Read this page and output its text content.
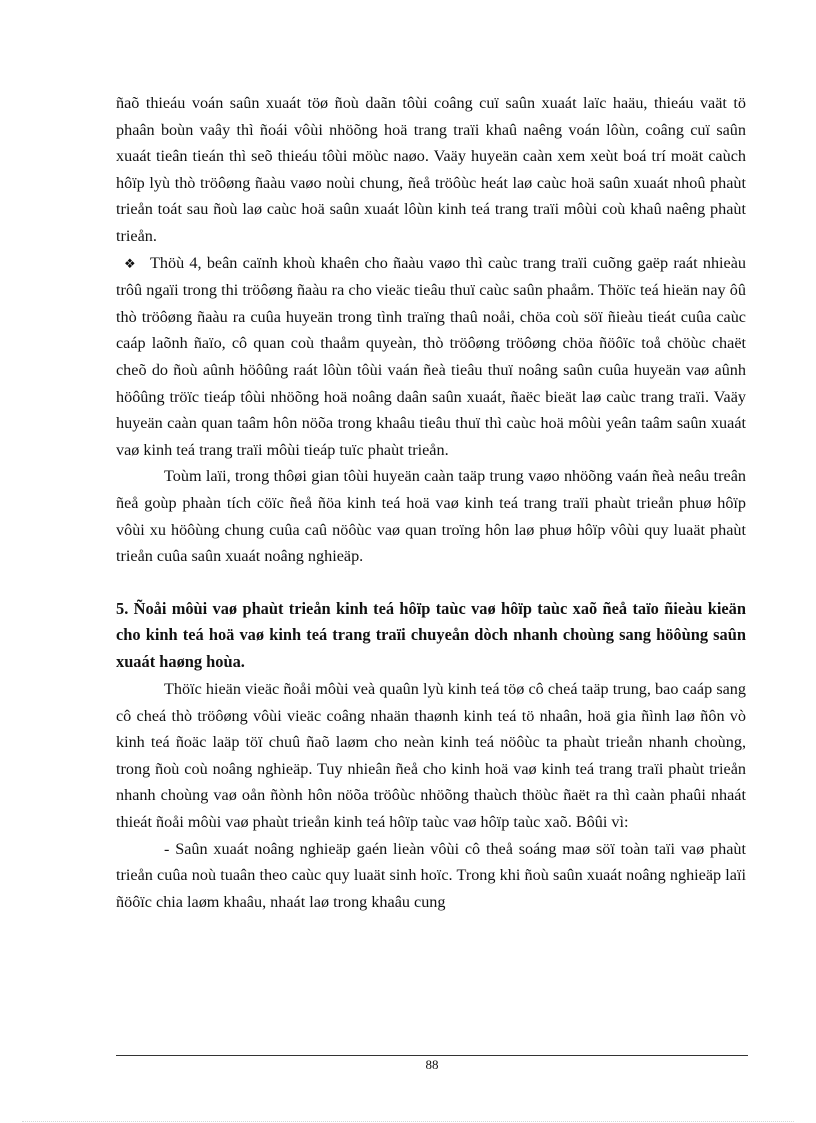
ñaõ thieáu voán saûn xuaát töø ñoù daãn tôùi coâng cuï saûn xuaát laïc haäu, thieáu vaät tö phaân boùn vaây thì ñoái vôùi nhöõng hoä trang traïi khaû naêng voán lôùn, coâng cuï saûn xuaát tieân tieán thì seõ thieáu tôùi möùc naøo. Vaäy huyeän caàn xem xeùt boá trí moät caùch hôïp lyù thò tröôøng ñaàu vaøo noùi chung, ñeå tröôùc heát laø caùc hoä saûn xuaát nhoû phaùt trieån toát sau ñoù laø caùc hoä saûn xuaát lôùn kinh teá trang traïi môùi coù khaû naêng phaùt trieån.

❖ Thöù 4, beân caïnh khoù khaên cho ñaàu vaøo thì caùc trang traïi cuõng gaëp raát nhieàu trôû ngaïi trong thi tröôøng ñaàu ra cho vieäc tieâu thuï caùc saûn phaåm. Thöïc teá hieän nay ôû thò tröôøng ñaàu ra cuûa huyeän trong tình traïng thaû noåi, chöa coù söï ñieàu tieát cuûa caùc caáp laõnh ñaïo, cô quan coù thaåm quyeàn, thò tröôøng tröôøng chöa ñöôïc toå chöùc chaët cheõ do ñoù aûnh höôûng raát lôùn tôùi vaán ñeà tieâu thuï noâng saûn cuûa huyeän vaø aûnh höôûng tröïc tieáp tôùi nhöõng hoä noâng daân saûn xuaát, ñaëc bieät laø caùc trang traïi. Vaäy huyeän caàn quan taâm hôn nöõa trong khaâu tieâu thuï thì caùc hoä môùi yeân taâm saûn xuaát vaø kinh teá trang traïi môùi tieáp tuïc phaùt trieån.

Toùm laïi, trong thôøi gian tôùi huyeän caàn taäp trung vaøo nhöõng vaán ñeà neâu treân ñeå goùp phaàn tích cöïc ñeå ñöa kinh teá hoä vaø kinh teá trang traïi phaùt trieån phuø hôïp vôùi xu höôùng chung cuûa caû nöôùc vaø quan troïng hôn laø phuø hôïp vôùi quy luaät phaùt trieån cuûa saûn xuaát noâng nghieäp.

5. Ñoåi môùi vaø phaùt trieån kinh teá hôïp taùc vaø hôïp taùc xaõ ñeå taïo ñieàu kieän cho kinh teá hoä vaø kinh teá trang traïi chuyeån dòch nhanh choùng sang höôùng saûn xuaát haøng hoùa.

Thöïc hieän vieäc ñoåi môùi veà quaûn lyù kinh teá töø cô cheá taäp trung, bao caáp sang cô cheá thò tröôøng vôùi vieäc coâng nhaän thaønh kinh teá tö nhaân, hoä gia ñình laø ñôn vò kinh teá ñoäc laäp töï chuû ñaõ laøm cho neàn kinh teá nöôùc ta phaùt trieån nhanh choùng, trong ñoù coù noâng nghieäp. Tuy nhieân ñeå cho kinh hoä vaø kinh teá trang traïi phaùt trieån nhanh choùng vaø oån ñònh hôn nöõa tröôùc nhöõng thaùch thöùc ñaët ra thì caàn phaûi nhaát thieát ñoåi môùi vaø phaùt trieån kinh teá hôïp taùc vaø hôïp taùc xaõ. Bôûi vì:

- Saûn xuaát noâng nghieäp gaén lieàn vôùi cô theå soáng maø söï toàn taïi vaø phaùt trieån cuûa noù tuaân theo caùc quy luaät sinh hoïc. Trong khi ñoù saûn xuaát noâng nghieäp laïi ñöôïc chia laøm khaâu, nhaát laø trong khaâu cung

88
